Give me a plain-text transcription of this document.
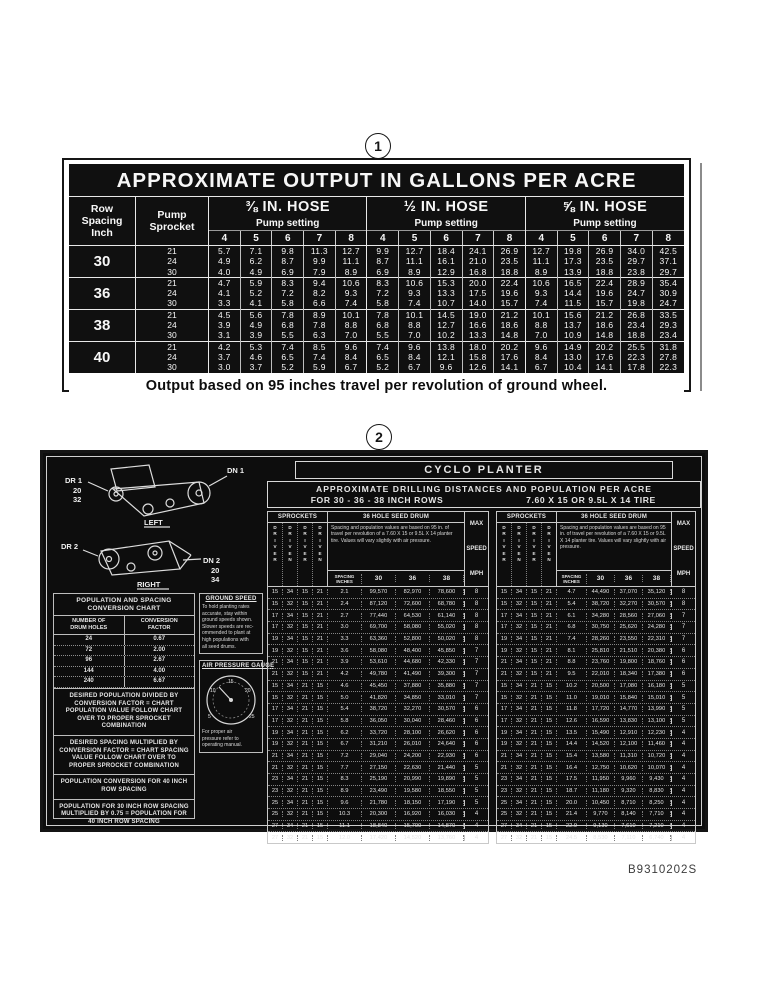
1
2
APPROXIMATE OUTPUT IN GALLONS PER ACRE
Row
Spacing
Inch	Pump
Sprocket	⅜ IN. HOSE					½ IN. HOSE					⅝ IN. HOSE				
		Pump setting					Pump setting					Pump setting				
		4	5	6	7	8	4	5	6	7	8	4	5	6	7	8
30	21	5.7	7.1	9.8	11.3	12.7	9.9	12.7	18.4	24.1	26.9	12.7	19.8	26.9	34.0	42.5
	24	4.9	6.2	8.7	9.9	11.1	8.7	11.1	16.1	21.0	23.5	11.1	17.3	23.5	29.7	37.1
	30	4.0	4.9	6.9	7.9	8.9	6.9	8.9	12.9	16.8	18.8	8.9	13.9	18.8	23.8	29.7
36	21	4.7	5.9	8.3	9.4	10.6	8.3	10.6	15.3	20.0	22.4	10.6	16.5	22.4	28.9	35.4
	24	4.1	5.2	7.2	8.2	9.3	7.2	9.3	13.3	17.5	19.6	9.3	14.4	19.6	24.7	30.9
	30	3.3	4.1	5.8	6.6	7.4	5.8	7.4	10.7	14.0	15.7	7.4	11.5	15.7	19.8	24.7
38	21	4.5	5.6	7.8	8.9	10.1	7.8	10.1	14.5	19.0	21.2	10.1	15.6	21.2	26.8	33.5
	24	3.9	4.9	6.8	7.8	8.8	6.8	8.8	12.7	16.6	18.6	8.8	13.7	18.6	23.4	29.3
	30	3.1	3.9	5.5	6.3	7.0	5.5	7.0	10.2	13.3	14.8	7.0	10.9	14.8	18.8	23.4
40	21	4.2	5.3	7.4	8.5	9.6	7.4	9.6	13.8	18.0	20.2	9.6	14.9	20.2	25.5	31.8
	24	3.7	4.6	6.5	7.4	8.4	6.5	8.4	12.1	15.8	17.6	8.4	13.0	17.6	22.3	27.8
	30	3.0	3.7	5.2	5.9	6.7	5.2	6.7	9.6	12.6	14.1	6.7	10.4	14.1	17.8	22.3
Output based on 95 inches travel per revolution of ground wheel.
DR 1
20
32
DN 1
LEFT
DR 2
DN 2
20
34
RIGHT
POPULATION AND SPACING
CONVERSION CHART
NUMBER OF
DRUM HOLES
CONVERSION
FACTOR
24	0.67
72	2.00
96	2.67
144	4.00
240	6.67
DESIRED POPULATION DIVIDED BY CONVERSION FACTOR = CHART POPULATION VALUE FOLLOW CHART OVER TO PROPER SPROCKET COMBINATION
DESIRED SPACING MULTIPLIED BY CONVERSION FACTOR = CHART SPACING VALUE FOLLOW CHART OVER TO PROPER SPROCKET COMBINATION
POPULATION CONVERSION FOR 40 INCH ROW SPACING
POPULATION FOR 30 INCH ROW SPACING MULTIPLIED BY 0.75 = POPULATION FOR 40 INCH ROW SPACING
GROUND SPEED
To hold planting rates
accurate, stay within
ground speeds shown.
Slower speeds are rec-
ommended to plant at
high populations with
all seed drums.
AIR PRESSURE GAUGE
5
10
15
20
25
For proper air
pressure refer to
operating manual.
CYCLO PLANTER
APPROXIMATE DRILLING DISTANCES AND POPULATION PER ACRE
FOR 30 - 36 - 38 INCH ROWS	7.60 X 15 OR 9.5L X 14 TIRE
SPROCKETS
D
R
I
V
E
R
D
R
I
V
E
N
D
R
I
V
E
R
D
R
I
V
E
N
36 HOLE SEED DRUM
Spacing and population values are based on 95 in. of travel per revolution of a 7.60 X 15 or 9.5L X 14 planter tire. Values will vary slightly with air pressure.
SPACING
INCHES	30	36	38
MAX
SPEED
MPH
15	34	15	21	2.1	99,570	82,970	78,600	8
15	32	15	21	2.4	87,120	72,600	68,780	8
17	34	15	21	2.7	77,440	64,530	61,140	8
17	32	15	21	3.0	69,700	58,080	55,020	8
19	34	15	21	3.3	63,360	52,800	50,020	8
19	32	15	21	3.6	58,080	48,400	45,850	7
21	34	15	21	3.9	53,610	44,680	42,330	7
21	32	15	21	4.2	49,780	41,490	39,300	7
15	34	21	15	4.6	45,450	37,880	35,880	7
15	32	21	15	5.0	41,820	34,850	33,010	7
17	34	21	15	5.4	38,720	32,270	30,570	6
17	32	21	15	5.8	36,050	30,040	28,460	6
19	34	21	15	6.2	33,720	28,100	26,620	6
19	32	21	15	6.7	31,210	26,010	24,640	6
21	34	21	15	7.2	29,040	24,200	22,930	6
21	32	21	15	7.7	27,150	22,630	21,440	5
23	34	21	15	8.3	25,190	20,990	19,890	5
23	32	21	15	8.9	23,490	19,580	18,550	5
25	34	21	15	9.6	21,780	18,150	17,190	5
25	32	21	15	10.3	20,300	16,920	16,030	4
27	34	21	15	11.1	18,840	15,700	14,870	4
27	32	21	15	12.0	17,420	14,520	13,760	4
SPROCKETS
D
R
I
V
E
R
D
R
I
V
E
N
D
R
I
V
E
R
D
R
I
V
E
N
36 HOLE SEED DRUM
Spacing and population values are based on 95 in. of travel per revolution of a 7.60 X 15 or 9.5L X 14 planter tire. Values will vary slightly with air pressure.
SPACING
INCHES	30	36	38
MAX
SPEED
MPH
15	34	15	21	4.7	44,490	37,070	35,120	8
15	32	15	21	5.4	38,720	32,270	30,570	8
17	34	15	21	6.1	34,280	28,560	27,060	7
17	32	15	21	6.8	30,750	25,620	24,280	7
19	34	15	21	7.4	28,260	23,550	22,310	7
19	32	15	21	8.1	25,810	21,510	20,380	6
21	34	15	21	8.8	23,760	19,800	18,760	6
21	32	15	21	9.5	22,010	18,340	17,380	6
15	34	21	15	10.2	20,500	17,080	16,180	5
15	32	21	15	11.0	19,010	15,840	15,010	5
17	34	21	15	11.8	17,720	14,770	13,990	5
17	32	21	15	12.6	16,590	13,830	13,100	5
19	34	21	15	13.5	15,490	12,910	12,230	4
19	32	21	15	14.4	14,520	12,100	11,460	4
21	34	21	15	15.4	13,580	11,310	10,720	4
21	32	21	15	16.4	12,750	10,620	10,070	4
23	34	21	15	17.5	11,950	9,960	9,430	4
23	32	21	15	18.7	11,180	9,320	8,830	4
25	34	21	15	20.0	10,450	8,710	8,250	4
25	32	21	15	21.4	9,770	8,140	7,710	4
27	34	21	15	22.9	9,130	7,610	7,210	4
27	32	21	15	24.5	8,530	7,110	6,740	4
B9310202S
